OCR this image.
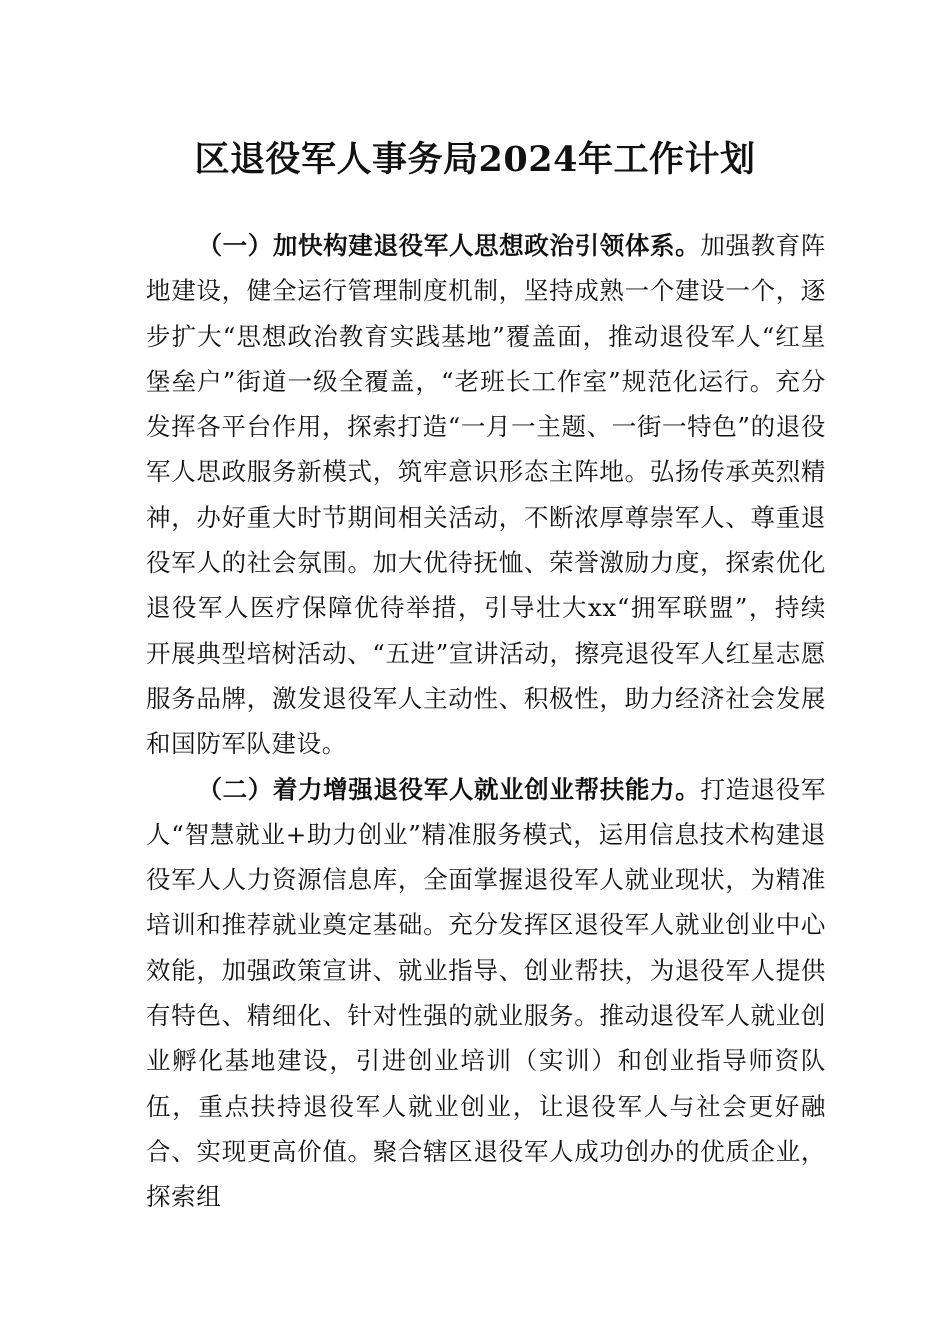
区退役军人事务局2024年工作计划

（一）加快构建退役军人思想政治引领体系。加强教育阵地建设，健全运行管理制度机制，坚持成熟一个建设一个，逐步扩大“思想政治教育实践基地”覆盖面，推动退役军人“红星堡垒户”街道一级全覆盖，“老班长工作室”规范化运行。充分发挥各平台作用，探索打造“一月一主题、一街一特色”的退役军人思政服务新模式，筑牢意识形态主阵地。弘扬传承英烈精神，办好重大时节期间相关活动，不断浓厚尊崇军人、尊重退役军人的社会氛围。加大优待抚恤、荣誉激励力度，探索优化退役军人医疗保障优待举措，引导壮大xx“拥军联盟”，持续开展典型培树活动、“五进”宣讲活动，擦亮退役军人红星志愿服务品牌，激发退役军人主动性、积极性，助力经济社会发展和国防军队建设。

（二）着力增强退役军人就业创业帮扶能力。打造退役军人“智慧就业+助力创业”精准服务模式，运用信息技术构建退役军人人力资源信息库，全面掌握退役军人就业现状，为精准培训和推荐就业奠定基础。充分发挥区退役军人就业创业中心效能，加强政策宣讲、就业指导、创业帮扶，为退役军人提供有特色、精细化、针对性强的就业服务。推动退役军人就业创业孵化基地建设，引进创业培训（实训）和创业指导师资队伍，重点扶持退役军人就业创业，让退役军人与社会更好融合、实现更高价值。聚合辖区退役军人成功创办的优质企业，探索组
